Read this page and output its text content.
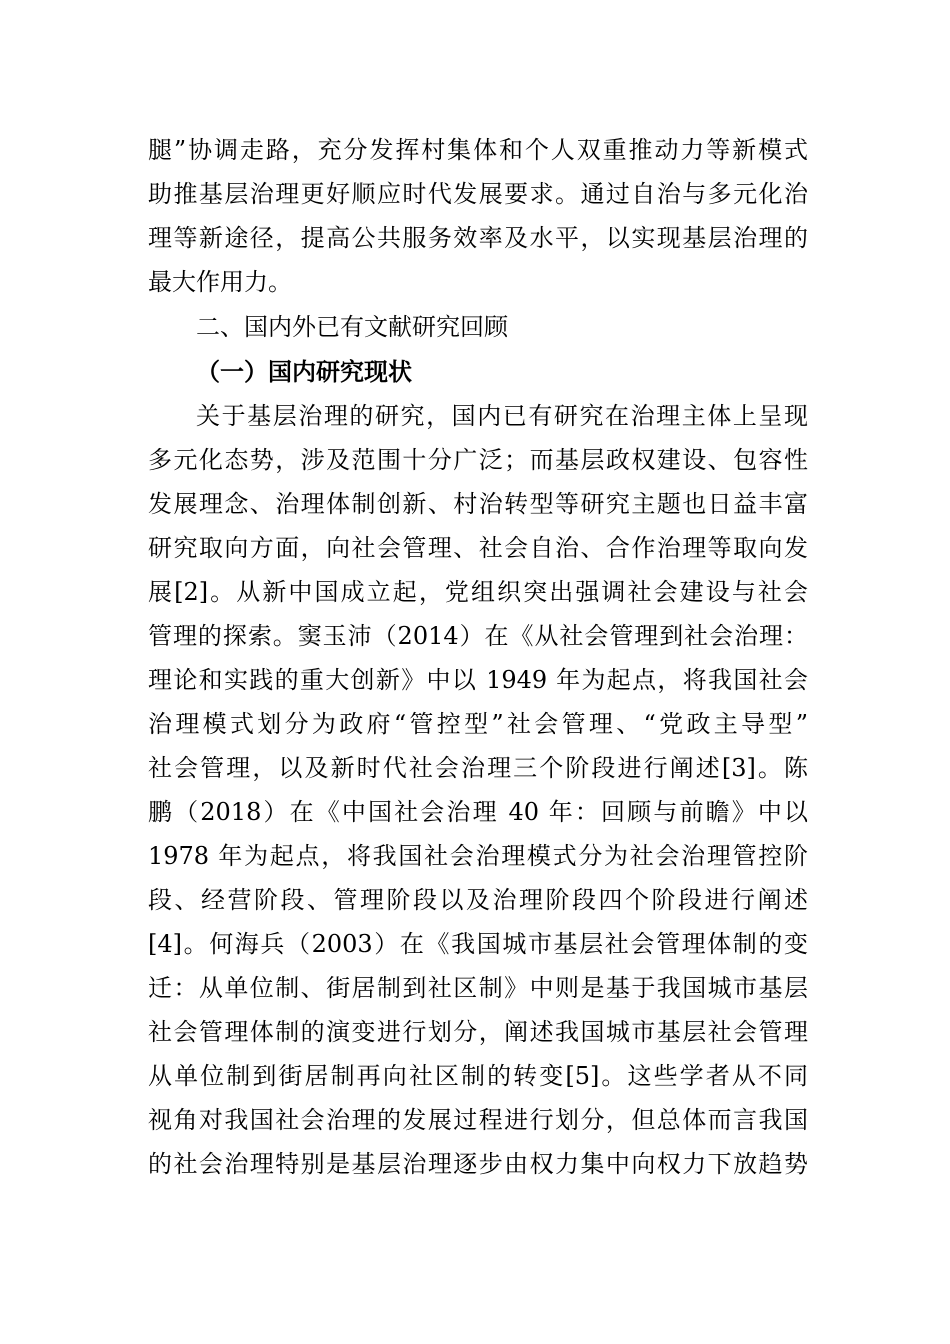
腿”协调走路，充分发挥村集体和个人双重推动力等新模式
助推基层治理更好顺应时代发展要求。通过自治与多元化治
理等新途径，提高公共服务效率及水平，以实现基层治理的
最大作用力。
二、国内外已有文献研究回顾
（一）国内研究现状
关于基层治理的研究，国内已有研究在治理主体上呈现
多元化态势，涉及范围十分广泛；而基层政权建设、包容性
发展理念、治理体制创新、村治转型等研究主题也日益丰富
研究取向方面，向社会管理、社会自治、合作治理等取向发
展[2]。从新中国成立起，党组织突出强调社会建设与社会
管理的探索。窦玉沛（2014）在《从社会管理到社会治理：
理论和实践的重大创新》中以 1949 年为起点，将我国社会
治理模式划分为政府“管控型”社会管理、“党政主导型”
社会管理，以及新时代社会治理三个阶段进行阐述[3]。陈
鹏（2018）在《中国社会治理 40 年：回顾与前瞻》中以
1978 年为起点，将我国社会治理模式分为社会治理管控阶
段、经营阶段、管理阶段以及治理阶段四个阶段进行阐述
[4]。何海兵（2003）在《我国城市基层社会管理体制的变
迁：从单位制、街居制到社区制》中则是基于我国城市基层
社会管理体制的演变进行划分，阐述我国城市基层社会管理
从单位制到街居制再向社区制的转变[5]。这些学者从不同
视角对我国社会治理的发展过程进行划分，但总体而言我国
的社会治理特别是基层治理逐步由权力集中向权力下放趋势
